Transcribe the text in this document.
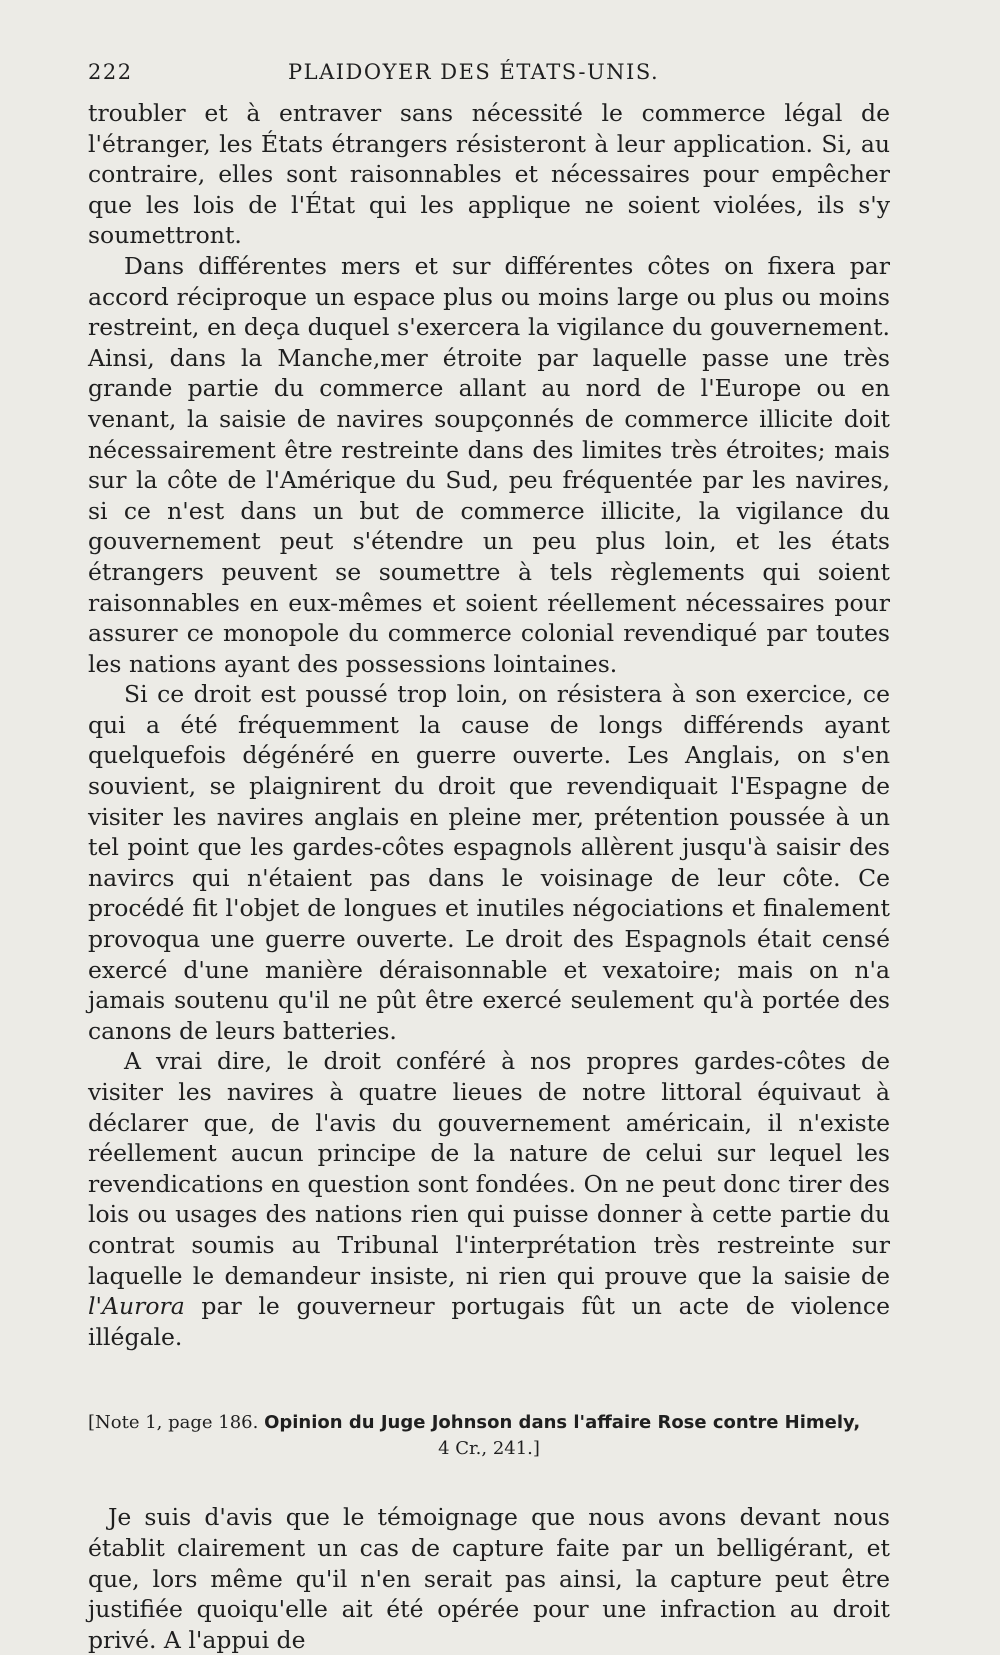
222	PLAIDOYER DES ÉTATS-UNIS.

troubler et à entraver sans nécessité le commerce légal de l'étranger, les États étrangers résisteront à leur application. Si, au contraire, elles sont raisonnables et nécessaires pour empêcher que les lois de l'État qui les applique ne soient violées, ils s'y soumettront.

Dans différentes mers et sur différentes côtes on fixera par accord réciproque un espace plus ou moins large ou plus ou moins restreint, en deça duquel s'exercera la vigilance du gouvernement. Ainsi, dans la Manche,mer étroite par laquelle passe une très grande partie du commerce allant au nord de l'Europe ou en venant, la saisie de navires soupçonnés de commerce illicite doit nécessairement être restreinte dans des limites très étroites; mais sur la côte de l'Amérique du Sud, peu fréquentée par les navires, si ce n'est dans un but de commerce illicite, la vigilance du gouvernement peut s'étendre un peu plus loin, et les états étrangers peuvent se soumettre à tels règlements qui soient raisonnables en eux-mêmes et soient réellement nécessaires pour assurer ce monopole du commerce colonial revendiqué par toutes les nations ayant des possessions lointaines.

Si ce droit est poussé trop loin, on résistera à son exercice, ce qui a été fréquemment la cause de longs différends ayant quelquefois dégénéré en guerre ouverte. Les Anglais, on s'en souvient, se plaignirent du droit que revendiquait l'Espagne de visiter les navires anglais en pleine mer, prétention poussée à un tel point que les gardes-côtes espagnols allèrent jusqu'à saisir des navircs qui n'étaient pas dans le voisinage de leur côte. Ce procédé fit l'objet de longues et inutiles négociations et finalement provoqua une guerre ouverte. Le droit des Espagnols était censé exercé d'une manière déraisonnable et vexatoire; mais on n'a jamais soutenu qu'il ne pût être exercé seulement qu'à portée des canons de leurs batteries.

A vrai dire, le droit conféré à nos propres gardes-côtes de visiter les navires à quatre lieues de notre littoral équivaut à déclarer que, de l'avis du gouvernement américain, il n'existe réellement aucun principe de la nature de celui sur lequel les revendications en question sont fondées. On ne peut donc tirer des lois ou usages des nations rien qui puisse donner à cette partie du contrat soumis au Tribunal l'interprétation très restreinte sur laquelle le demandeur insiste, ni rien qui prouve que la saisie de l'Aurora par le gouverneur portugais fût un acte de violence illégale.

[Note 1, page 186. Opinion du Juge Johnson dans l'affaire Rose contre Himely,
4 Cr., 241.]

Je suis d'avis que le témoignage que nous avons devant nous établit clairement un cas de capture faite par un belligérant, et que, lors même qu'il n'en serait pas ainsi, la capture peut être justifiée quoiqu'elle ait été opérée pour une infraction au droit privé. A l'appui de
